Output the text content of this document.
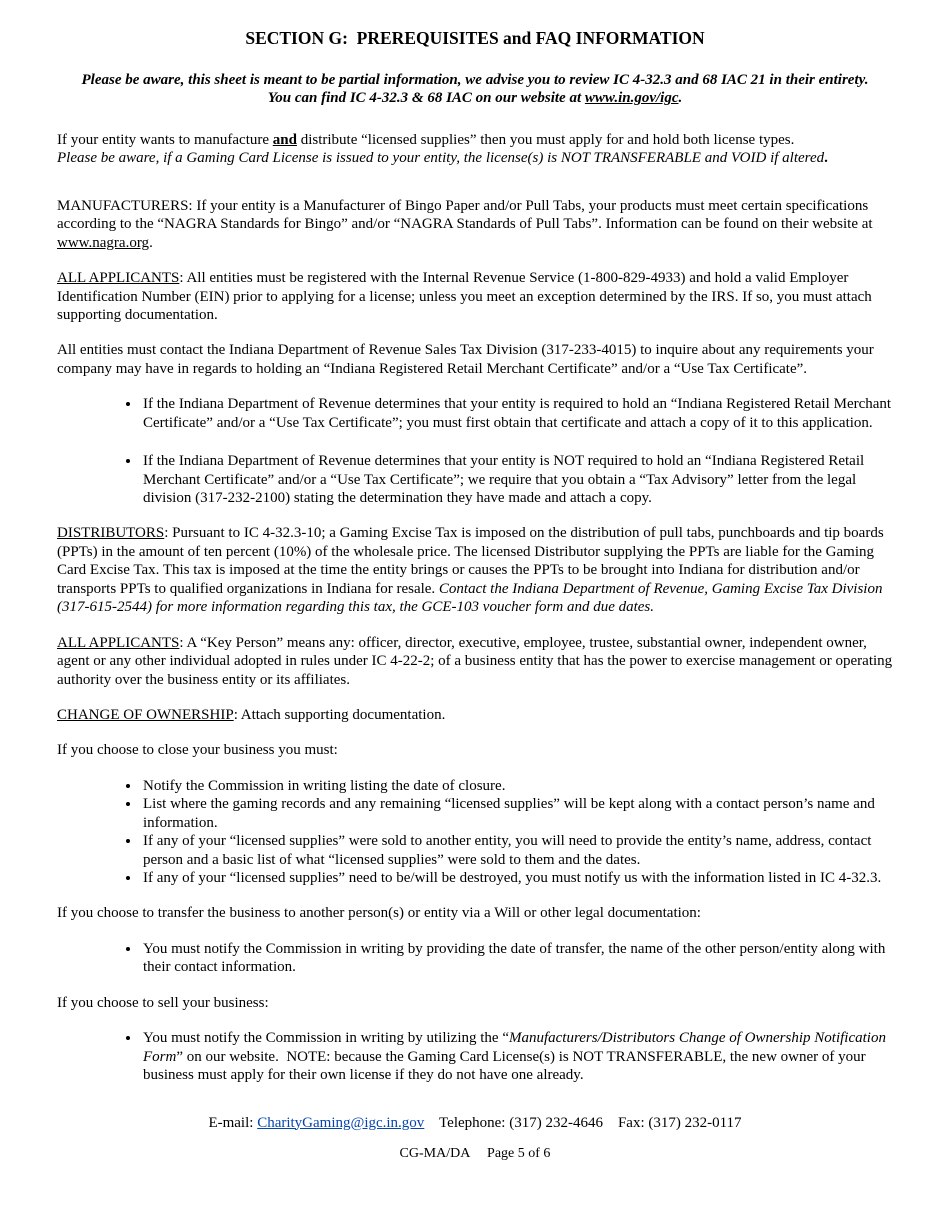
SECTION G:  PREREQUISITES and FAQ INFORMATION

Please be aware, this sheet is meant to be partial information, we advise you to review IC 4-32.3 and 68 IAC 21 in their entirety.
You can find IC 4-32.3 & 68 IAC on our website at www.in.gov/igc.

If your entity wants to manufacture and distribute “licensed supplies” then you must apply for and hold both license types.
Please be aware, if a Gaming Card License is issued to your entity, the license(s) is NOT TRANSFERABLE and VOID if altered.

MANUFACTURERS: If your entity is a Manufacturer of Bingo Paper and/or Pull Tabs, your products must meet certain specifications according to the “NAGRA Standards for Bingo” and/or “NAGRA Standards of Pull Tabs”. Information can be found on their website at www.nagra.org.

ALL APPLICANTS: All entities must be registered with the Internal Revenue Service (1-800-829-4933) and hold a valid Employer Identification Number (EIN) prior to applying for a license; unless you meet an exception determined by the IRS. If so, you must attach supporting documentation.

All entities must contact the Indiana Department of Revenue Sales Tax Division (317-233-4015) to inquire about any requirements your company may have in regards to holding an “Indiana Registered Retail Merchant Certificate” and/or a “Use Tax Certificate”.

• If the Indiana Department of Revenue determines that your entity is required to hold an “Indiana Registered Retail Merchant Certificate” and/or a “Use Tax Certificate”; you must first obtain that certificate and attach a copy of it to this application.
• If the Indiana Department of Revenue determines that your entity is NOT required to hold an “Indiana Registered Retail Merchant Certificate” and/or a “Use Tax Certificate”; we require that you obtain a “Tax Advisory” letter from the legal division (317-232-2100) stating the determination they have made and attach a copy.

DISTRIBUTORS: Pursuant to IC 4-32.3-10; a Gaming Excise Tax is imposed on the distribution of pull tabs, punchboards and tip boards (PPTs) in the amount of ten percent (10%) of the wholesale price. The licensed Distributor supplying the PPTs are liable for the Gaming Card Excise Tax. This tax is imposed at the time the entity brings or causes the PPTs to be brought into Indiana for distribution and/or transports PPTs to qualified organizations in Indiana for resale. Contact the Indiana Department of Revenue, Gaming Excise Tax Division (317-615-2544) for more information regarding this tax, the GCE-103 voucher form and due dates.

ALL APPLICANTS: A “Key Person” means any: officer, director, executive, employee, trustee, substantial owner, independent owner, agent or any other individual adopted in rules under IC 4-22-2; of a business entity that has the power to exercise management or operating authority over the business entity or its affiliates.

CHANGE OF OWNERSHIP: Attach supporting documentation.

If you choose to close your business you must:

• Notify the Commission in writing listing the date of closure.
• List where the gaming records and any remaining “licensed supplies” will be kept along with a contact person’s name and information.
• If any of your “licensed supplies” were sold to another entity, you will need to provide the entity’s name, address, contact person and a basic list of what “licensed supplies” were sold to them and the dates.
• If any of your “licensed supplies” need to be/will be destroyed, you must notify us with the information listed in IC 4-32.3.

If you choose to transfer the business to another person(s) or entity via a Will or other legal documentation:

• You must notify the Commission in writing by providing the date of transfer, the name of the other person/entity along with their contact information.

If you choose to sell your business:

• You must notify the Commission in writing by utilizing the “Manufacturers/Distributors Change of Ownership Notification Form” on our website.  NOTE: because the Gaming Card License(s) is NOT TRANSFERABLE, the new owner of your business must apply for their own license if they do not have one already.
E-mail: CharityGaming@igc.in.gov    Telephone: (317) 232-4646    Fax: (317) 232-0117
CG-MA/DA     Page 5 of 6
